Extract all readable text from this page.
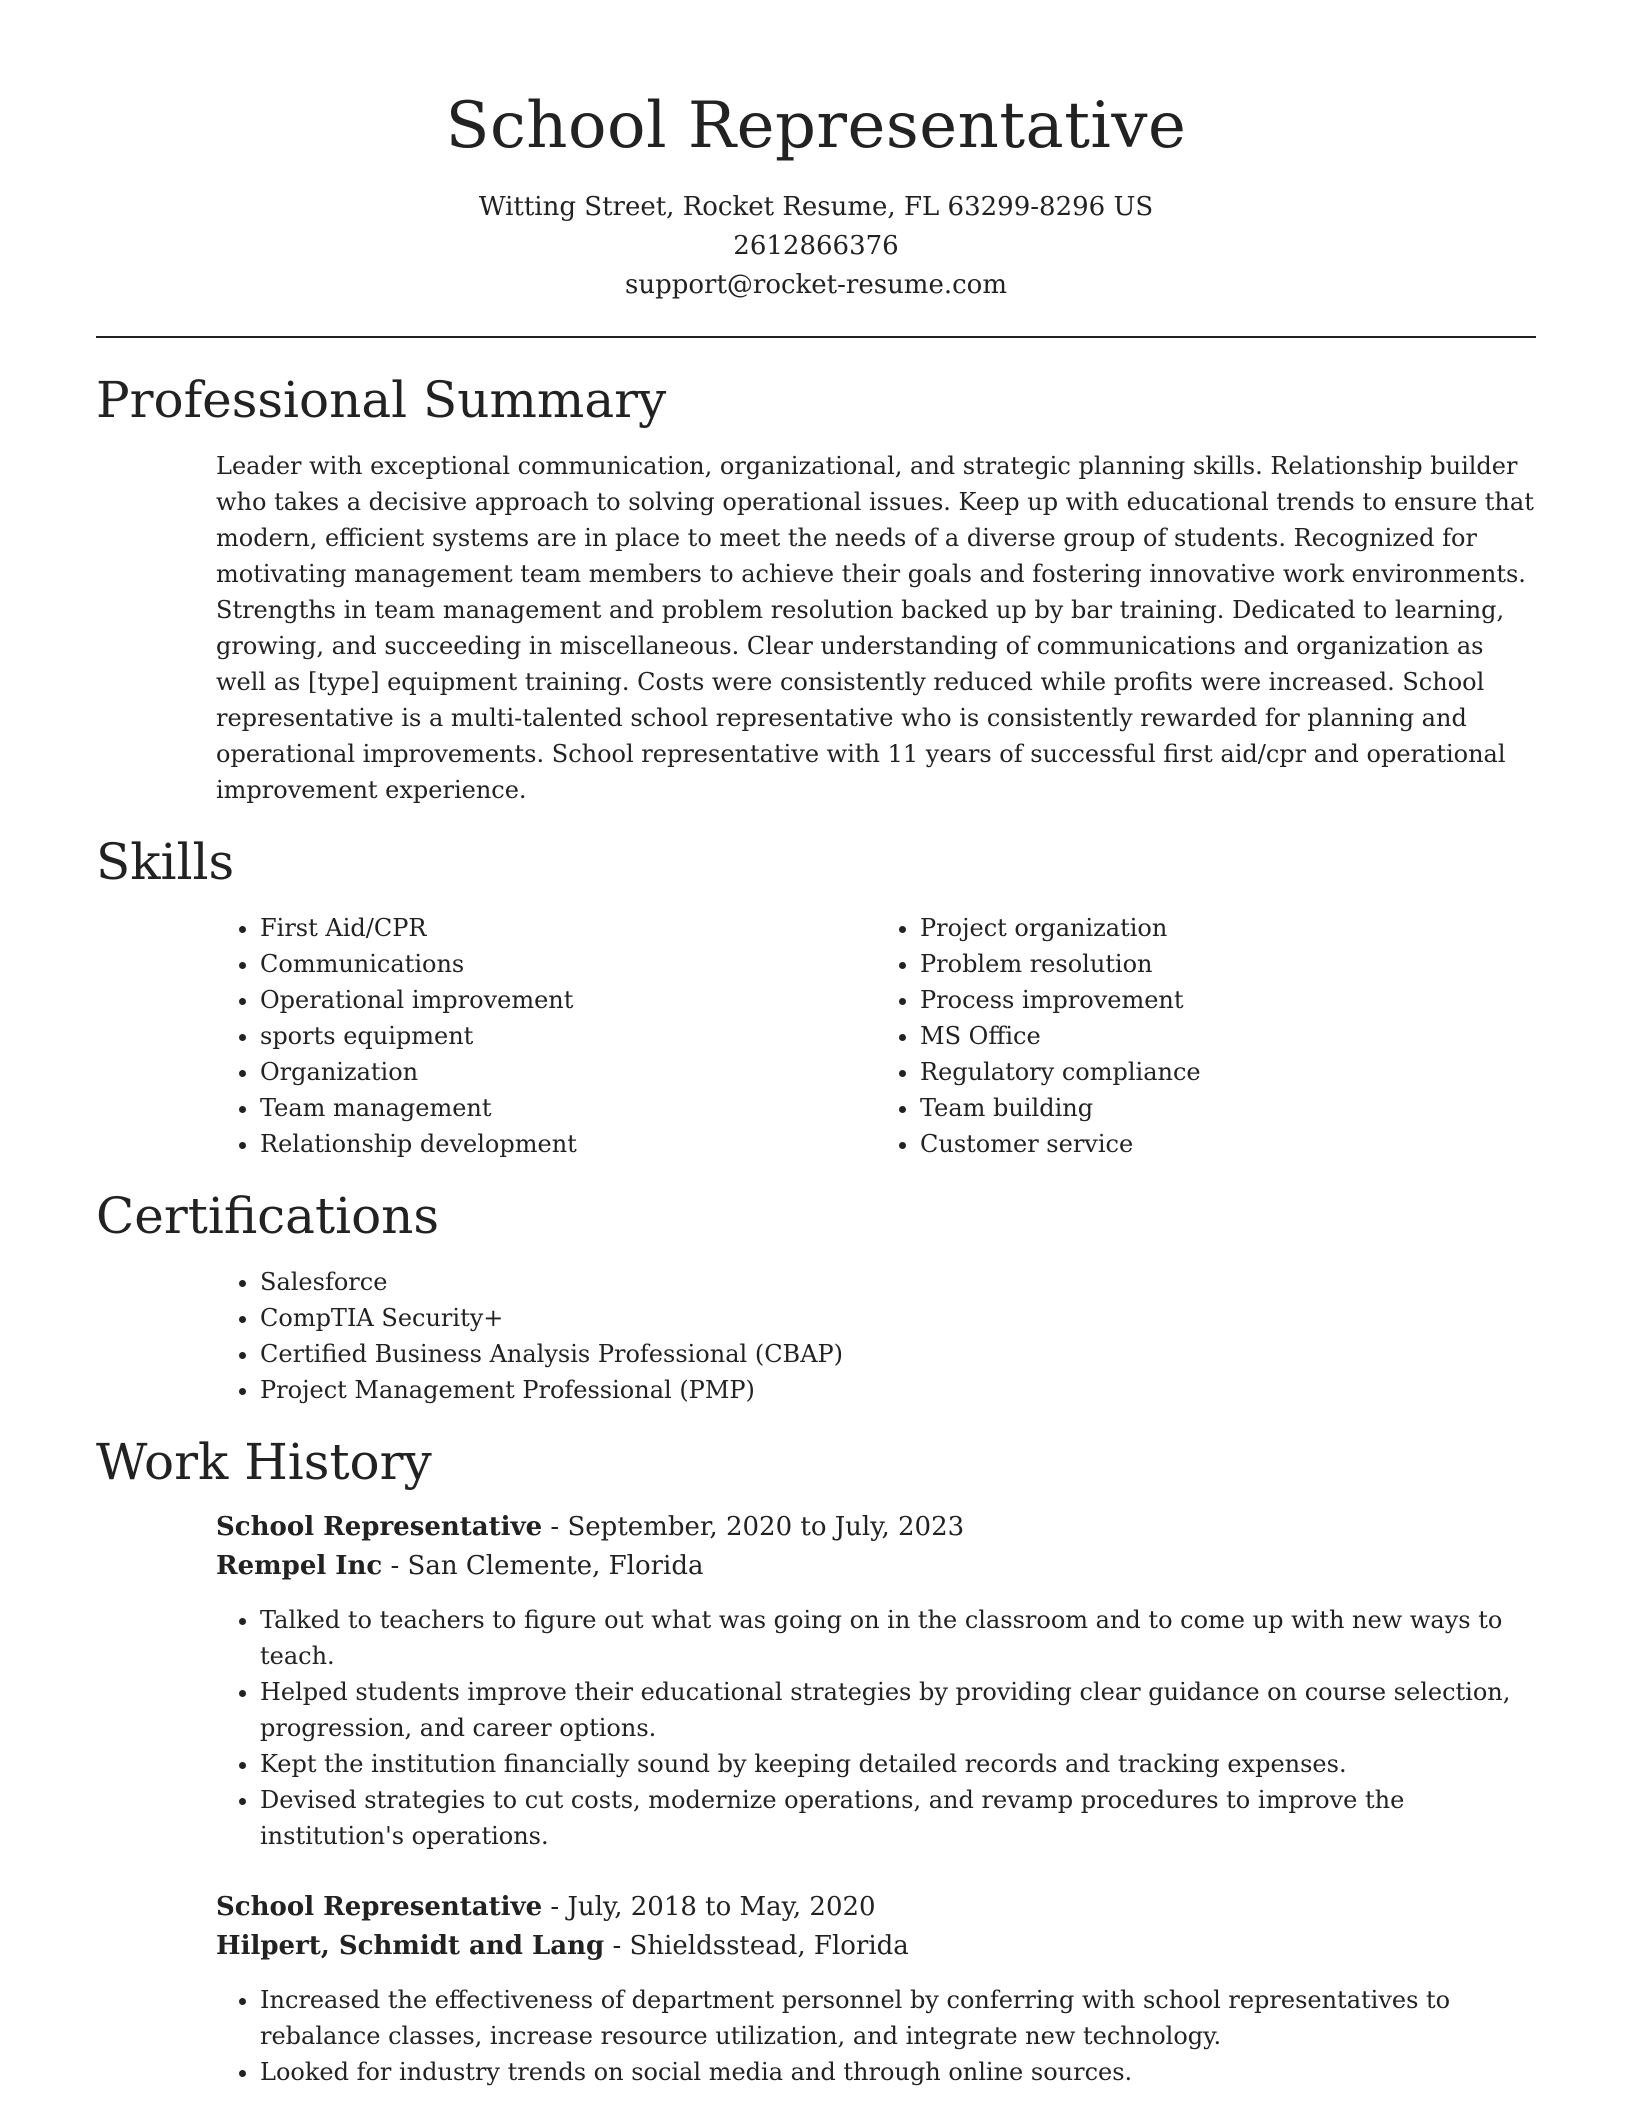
School Representative
Witting Street, Rocket Resume, FL 63299-8296 US
2612866376
support@rocket-resume.com
Professional Summary
Leader with exceptional communication, organizational, and strategic planning skills. Relationship builder who takes a decisive approach to solving operational issues. Keep up with educational trends to ensure that modern, efficient systems are in place to meet the needs of a diverse group of students. Recognized for motivating management team members to achieve their goals and fostering innovative work environments. Strengths in team management and problem resolution backed up by bar training. Dedicated to learning, growing, and succeeding in miscellaneous. Clear understanding of communications and organization as well as [type] equipment training. Costs were consistently reduced while profits were increased. School representative is a multi-talented school representative who is consistently rewarded for planning and operational improvements. School representative with 11 years of successful first aid/cpr and operational improvement experience.
Skills
• First Aid/CPR
• Communications
• Operational improvement
• sports equipment
• Organization
• Team management
• Relationship development
• Project organization
• Problem resolution
• Process improvement
• MS Office
• Regulatory compliance
• Team building
• Customer service
Certifications
• Salesforce
• CompTIA Security+
• Certified Business Analysis Professional (CBAP)
• Project Management Professional (PMP)
Work History
School Representative - September, 2020 to July, 2023
Rempel Inc - San Clemente, Florida
• Talked to teachers to figure out what was going on in the classroom and to come up with new ways to teach.
• Helped students improve their educational strategies by providing clear guidance on course selection, progression, and career options.
• Kept the institution financially sound by keeping detailed records and tracking expenses.
• Devised strategies to cut costs, modernize operations, and revamp procedures to improve the institution's operations.
School Representative - July, 2018 to May, 2020
Hilpert, Schmidt and Lang - Shieldsstead, Florida
• Increased the effectiveness of department personnel by conferring with school representatives to rebalance classes, increase resource utilization, and integrate new technology.
• Looked for industry trends on social media and through online sources.
